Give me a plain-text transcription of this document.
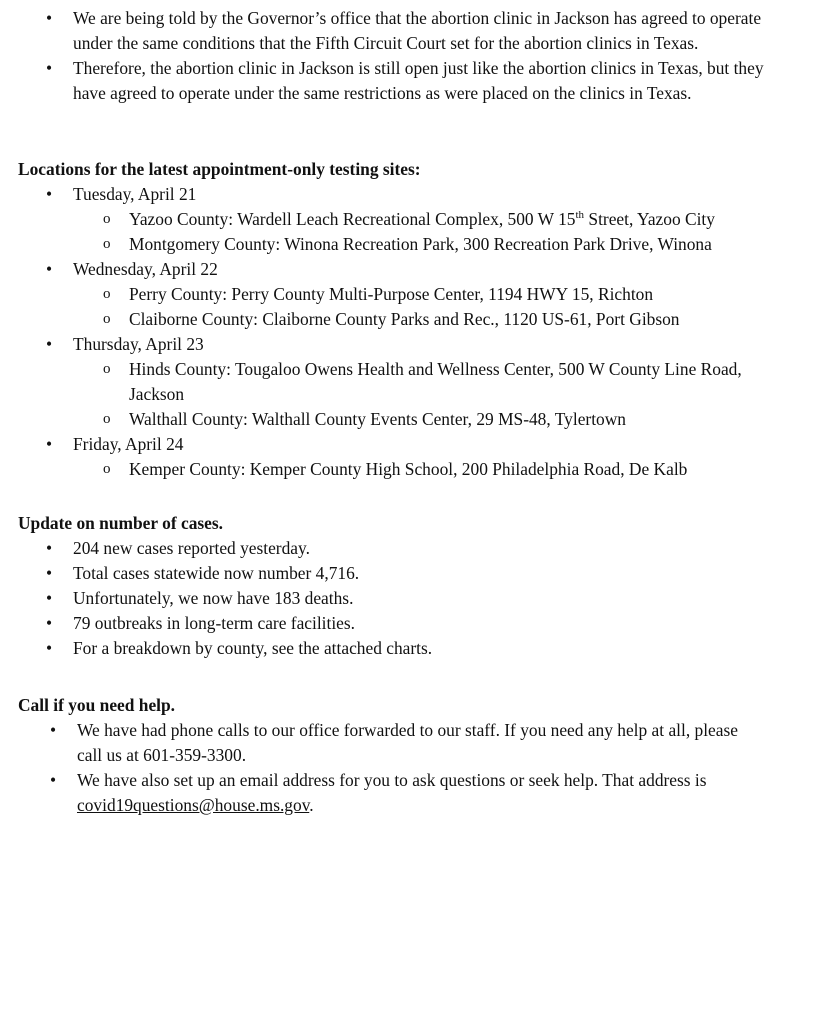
• We are being told by the Governor’s office that the abortion clinic in Jackson has agreed to operate under the same conditions that the Fifth Circuit Court set for the abortion clinics in Texas.
• Therefore, the abortion clinic in Jackson is still open just like the abortion clinics in Texas, but they have agreed to operate under the same restrictions as were placed on the clinics in Texas.
Locations for the latest appointment-only testing sites:
• Tuesday, April 21
o Yazoo County: Wardell Leach Recreational Complex, 500 W 15th Street, Yazoo City
o Montgomery County: Winona Recreation Park, 300 Recreation Park Drive, Winona
• Wednesday, April 22
o Perry County: Perry County Multi-Purpose Center, 1194 HWY 15, Richton
o Claiborne County: Claiborne County Parks and Rec., 1120 US-61, Port Gibson
• Thursday, April 23
o Hinds County: Tougaloo Owens Health and Wellness Center, 500 W County Line Road, Jackson
o Walthall County: Walthall County Events Center, 29 MS-48, Tylertown
• Friday, April 24
o Kemper County: Kemper County High School, 200 Philadelphia Road, De Kalb
Update on number of cases.
• 204 new cases reported yesterday.
• Total cases statewide now number 4,716.
• Unfortunately, we now have 183 deaths.
• 79 outbreaks in long-term care facilities.
• For a breakdown by county, see the attached charts.
Call if you need help.
• We have had phone calls to our office forwarded to our staff. If you need any help at all, please call us at 601-359-3300.
• We have also set up an email address for you to ask questions or seek help. That address is covid19questions@house.ms.gov.
